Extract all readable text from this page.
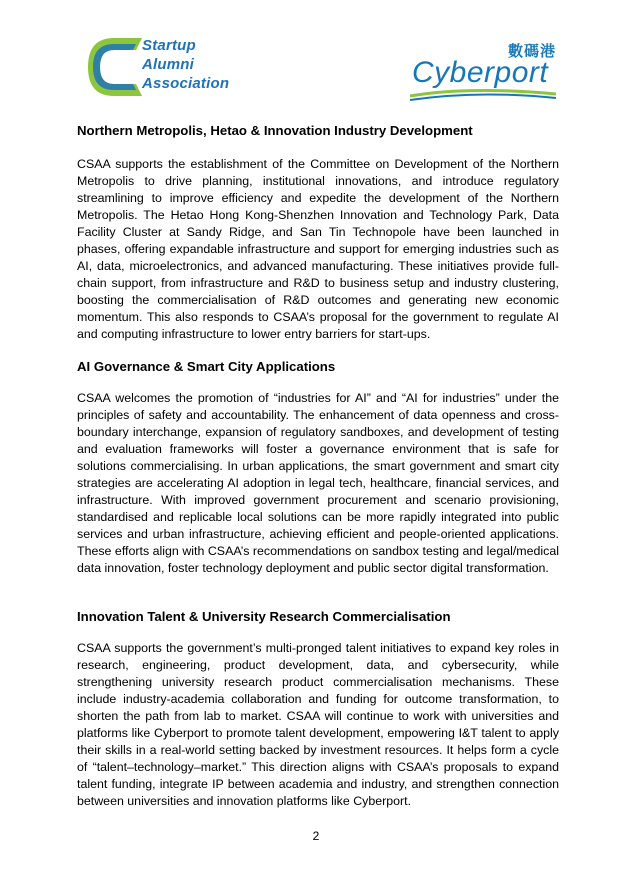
Startup
Alumni
Association
數碼港
Cyberport
Northern Metropolis, Hetao & Innovation Industry Development

CSAA supports the establishment of the Committee on Development of the Northern Metropolis to drive planning, institutional innovations, and introduce regulatory streamlining to improve efficiency and expedite the development of the Northern Metropolis. The Hetao Hong Kong-Shenzhen Innovation and Technology Park, Data Facility Cluster at Sandy Ridge, and San Tin Technopole have been launched in phases, offering expandable infrastructure and support for emerging industries such as AI, data, microelectronics, and advanced manufacturing. These initiatives provide full-chain support, from infrastructure and R&D to business setup and industry clustering, boosting the commercialisation of R&D outcomes and generating new economic momentum. This also responds to CSAA’s proposal for the government to regulate AI and computing infrastructure to lower entry barriers for start-ups.

AI Governance & Smart City Applications

CSAA welcomes the promotion of “industries for AI” and “AI for industries” under the principles of safety and accountability. The enhancement of data openness and cross-boundary interchange, expansion of regulatory sandboxes, and development of testing and evaluation frameworks will foster a governance environment that is safe for solutions commercialising. In urban applications, the smart government and smart city strategies are accelerating AI adoption in legal tech, healthcare, financial services, and infrastructure. With improved government procurement and scenario provisioning, standardised and replicable local solutions can be more rapidly integrated into public services and urban infrastructure, achieving efficient and people-oriented applications. These efforts align with CSAA’s recommendations on sandbox testing and legal/medical data innovation, foster technology deployment and public sector digital transformation.

Innovation Talent & University Research Commercialisation

CSAA supports the government’s multi-pronged talent initiatives to expand key roles in research, engineering, product development, data, and cybersecurity, while strengthening university research product commercialisation mechanisms. These include industry-academia collaboration and funding for outcome transformation, to shorten the path from lab to market. CSAA will continue to work with universities and platforms like Cyberport to promote talent development, empowering I&T talent to apply their skills in a real-world setting backed by investment resources. It helps form a cycle of “talent–technology–market.” This direction aligns with CSAA’s proposals to expand talent funding, integrate IP between academia and industry, and strengthen connection between universities and innovation platforms like Cyberport.

2
